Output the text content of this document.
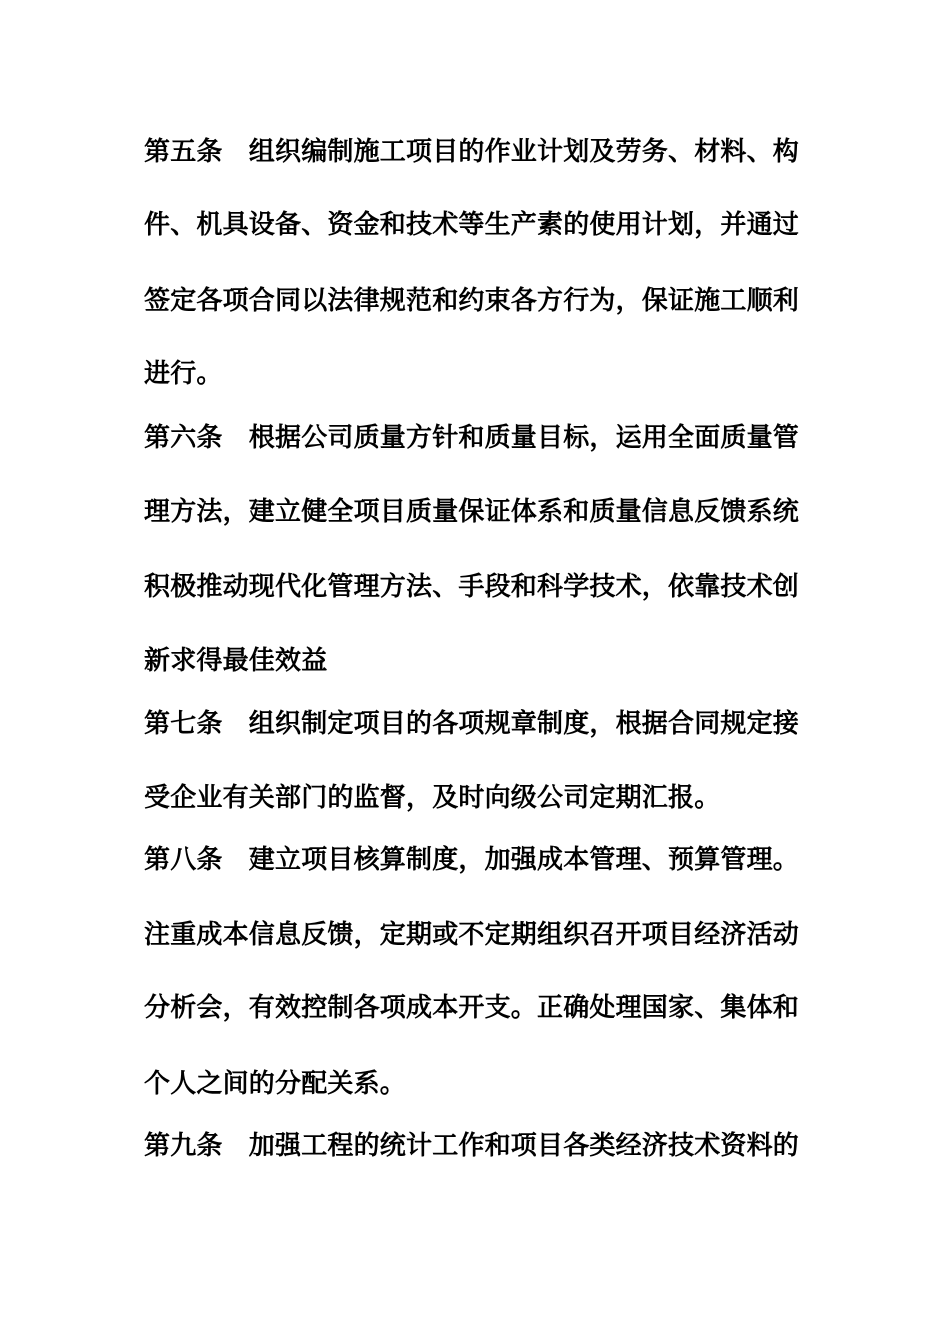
第五条　组织编制施工项目的作业计划及劳务、材料、构
件、机具设备、资金和技术等生产素的使用计划，并通过
签定各项合同以法律规范和约束各方行为，保证施工顺利
进行。
第六条　根据公司质量方针和质量目标，运用全面质量管
理方法，建立健全项目质量保证体系和质量信息反馈系统
积极推动现代化管理方法、手段和科学技术，依靠技术创
新求得最佳效益
第七条　组织制定项目的各项规章制度，根据合同规定接
受企业有关部门的监督，及时向级公司定期汇报。
第八条　建立项目核算制度，加强成本管理、预算管理。
注重成本信息反馈，定期或不定期组织召开项目经济活动
分析会，有效控制各项成本开支。正确处理国家、集体和
个人之间的分配关系。
第九条　加强工程的统计工作和项目各类经济技术资料的
